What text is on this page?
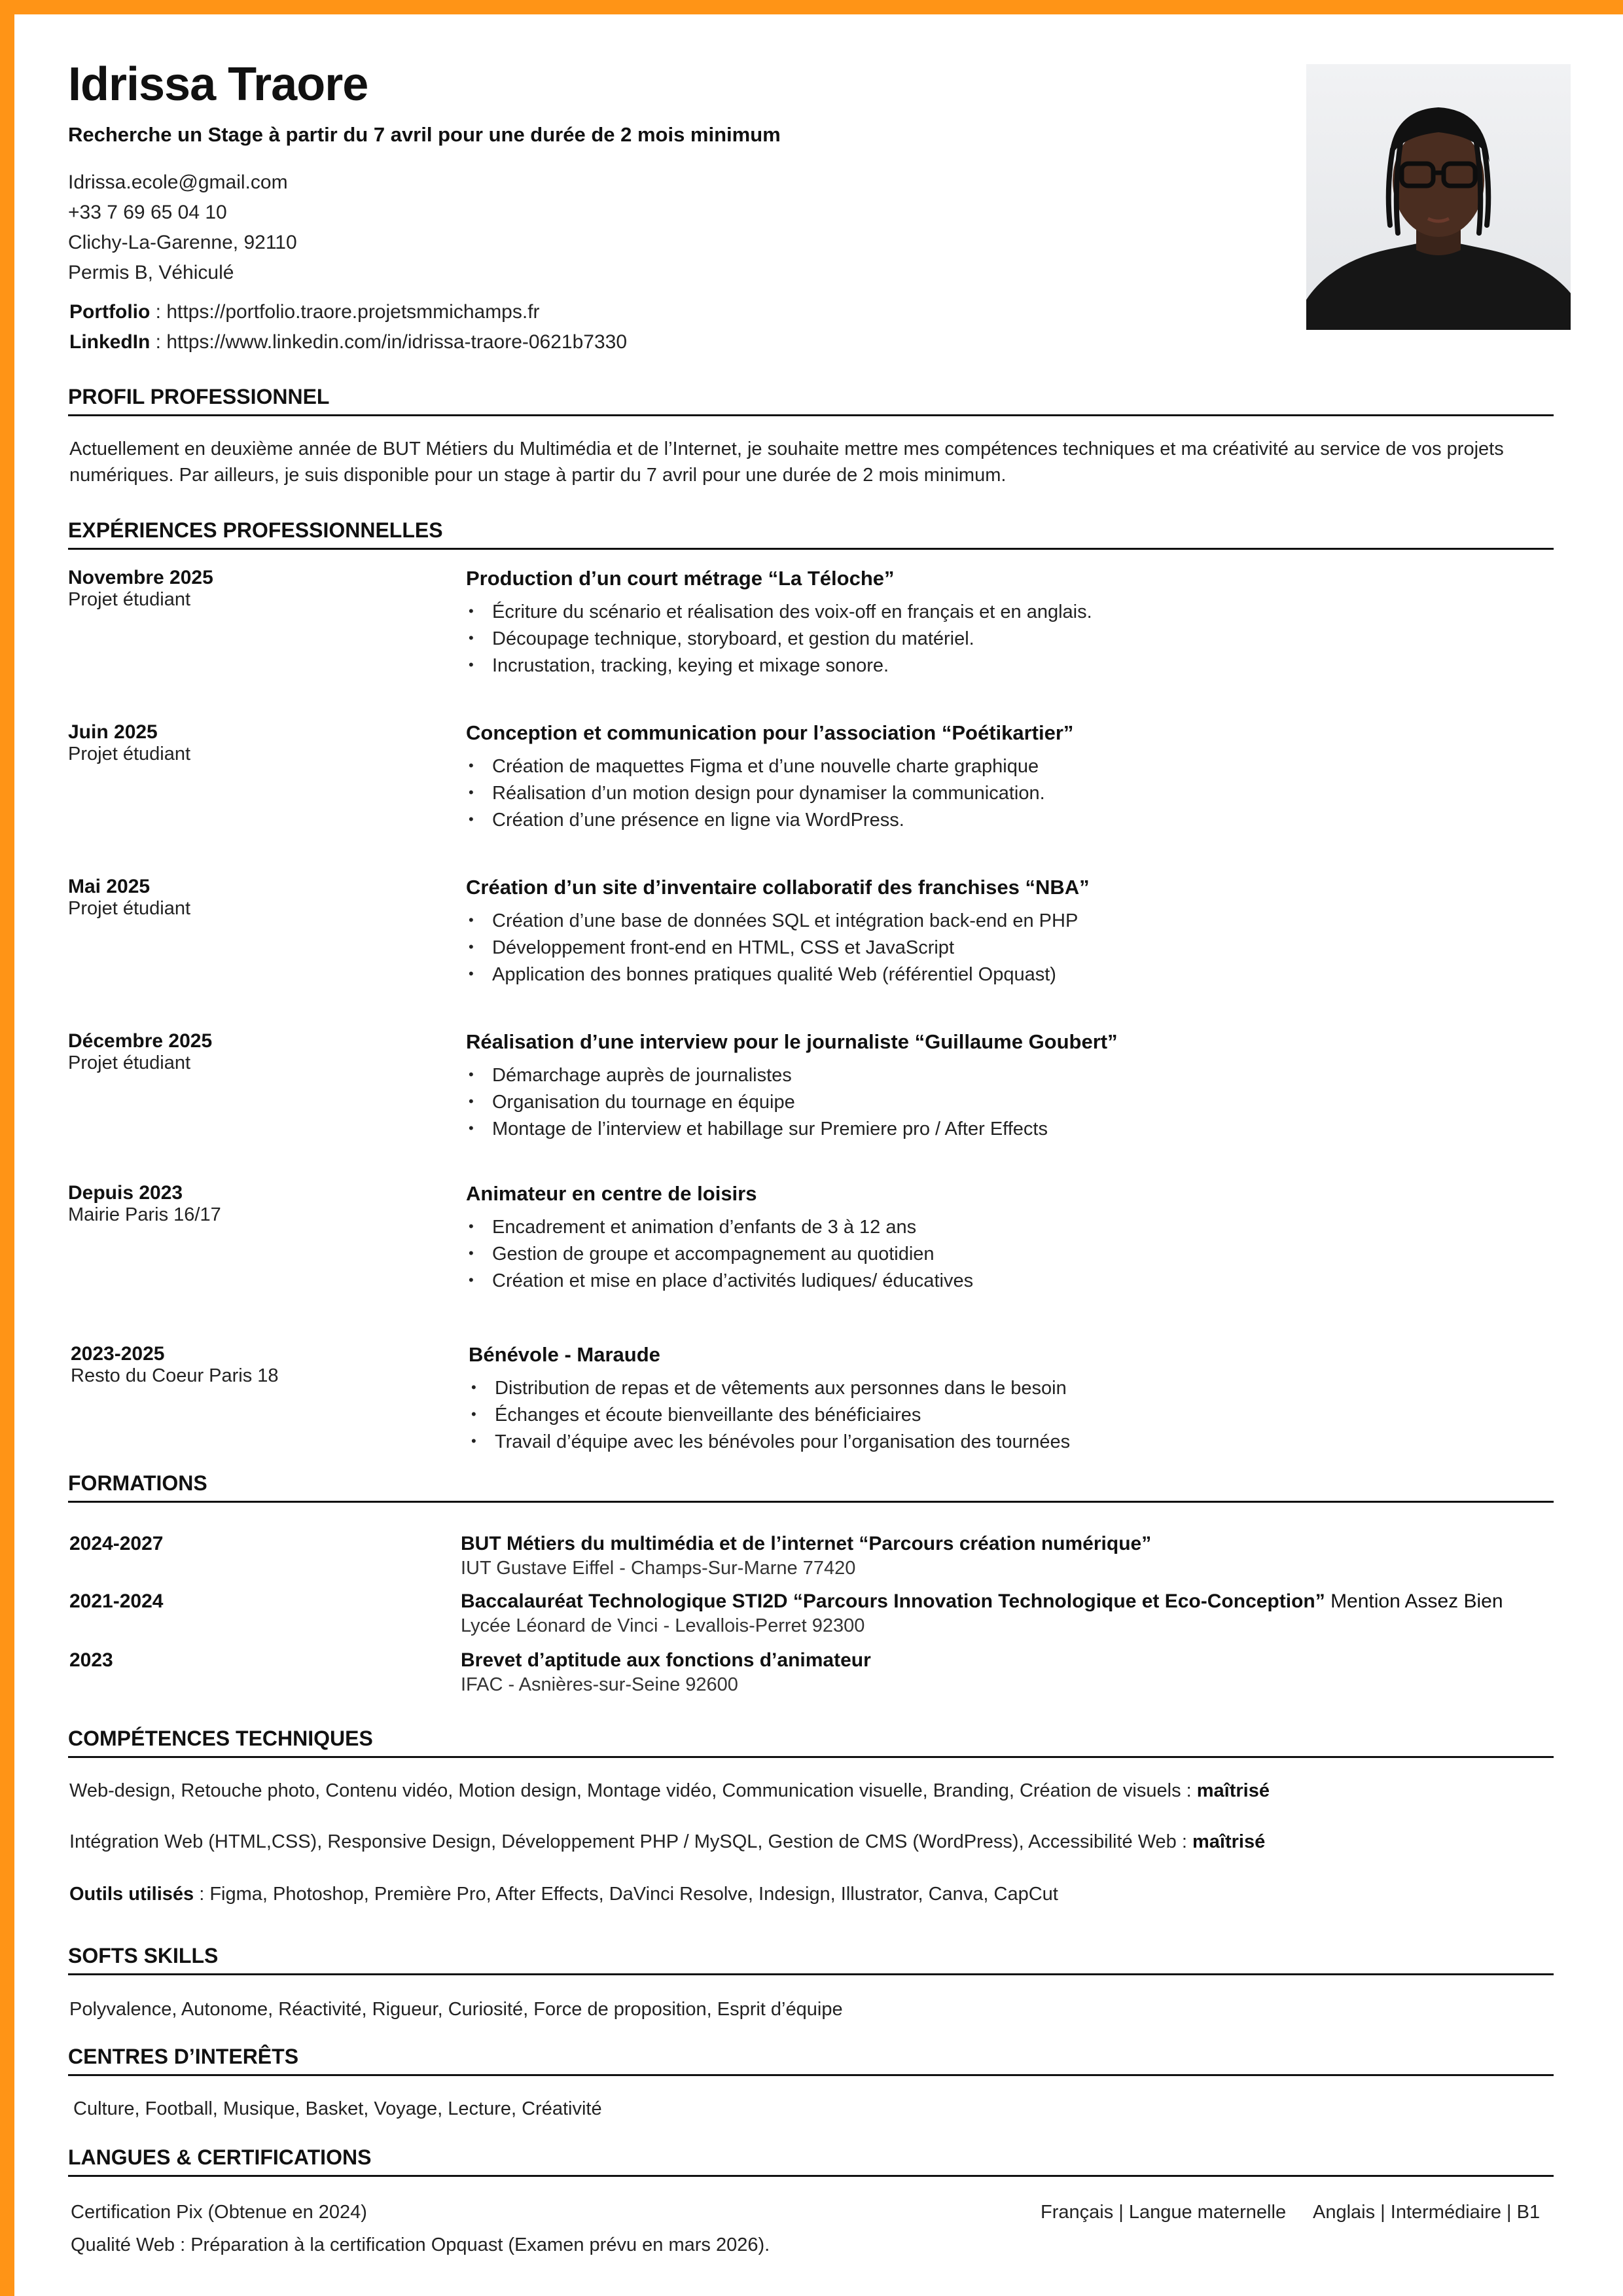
Idrissa Traore
Recherche un Stage à partir du 7 avril pour une durée de 2 mois minimum
Idrissa.ecole@gmail.com
+33 7 69 65 04 10
Clichy-La-Garenne, 92110
Permis B, Véhiculé
Portfolio : https://portfolio.traore.projetsmmichamps.fr
LinkedIn : https://www.linkedin.com/in/idrissa-traore-0621b7330
PROFIL PROFESSIONNEL
Actuellement en deuxième année de BUT Métiers du Multimédia et de l’Internet, je souhaite mettre mes compétences techniques et ma créativité au service de vos projets numériques. Par ailleurs, je suis disponible pour un stage à partir du 7 avril pour une durée de 2 mois minimum.
EXPÉRIENCES PROFESSIONNELLES
Novembre 2025
Projet étudiant
Production d’un court métrage “La Téloche”
• Écriture du scénario et réalisation des voix-off en français et en anglais.
• Découpage technique, storyboard, et gestion du matériel.
• Incrustation, tracking, keying et mixage sonore.
Juin 2025
Projet étudiant
Conception et communication pour l’association “Poétikartier”
• Création de maquettes Figma et d’une nouvelle charte graphique
• Réalisation d’un motion design pour dynamiser la communication.
• Création d’une présence en ligne via WordPress.
Mai 2025
Projet étudiant
Création d’un site d’inventaire collaboratif des franchises “NBA”
• Création d’une base de données SQL et intégration back-end en PHP
• Développement front-end en HTML, CSS et JavaScript
• Application des bonnes pratiques qualité Web (référentiel Opquast)
Décembre 2025
Projet étudiant
Réalisation d’une interview pour le journaliste “Guillaume Goubert”
• Démarchage auprès de journalistes
• Organisation du tournage en équipe
• Montage de l’interview et habillage sur Premiere pro / After Effects
Depuis 2023
Mairie Paris 16/17
Animateur en centre de loisirs
• Encadrement et animation d’enfants de 3 à 12 ans
• Gestion de groupe et accompagnement au quotidien
• Création et mise en place d’activités ludiques/ éducatives
2023-2025
Resto du Coeur Paris 18
Bénévole - Maraude
• Distribution de repas et de vêtements aux personnes dans le besoin
• Échanges et écoute bienveillante des bénéficiaires
• Travail d’équipe avec les bénévoles pour l’organisation des tournées
FORMATIONS
2024-2027	BUT Métiers du multimédia et de l’internet “Parcours création numérique”
IUT Gustave Eiffel - Champs-Sur-Marne 77420
2021-2024	Baccalauréat Technologique STI2D “Parcours Innovation Technologique et Eco-Conception” Mention Assez Bien
Lycée Léonard de Vinci - Levallois-Perret 92300
2023	Brevet d’aptitude aux fonctions d’animateur
IFAC - Asnières-sur-Seine 92600
COMPÉTENCES TECHNIQUES
Web-design, Retouche photo, Contenu vidéo, Motion design, Montage vidéo, Communication visuelle, Branding, Création de visuels : maîtrisé
Intégration Web (HTML,CSS), Responsive Design, Développement PHP / MySQL, Gestion de CMS (WordPress), Accessibilité Web : maîtrisé
Outils utilisés : Figma, Photoshop, Première Pro, After Effects, DaVinci Resolve, Indesign, Illustrator, Canva, CapCut
SOFTS SKILLS
Polyvalence, Autonome, Réactivité, Rigueur, Curiosité, Force de proposition, Esprit d’équipe
CENTRES D’INTERÊTS
Culture, Football, Musique, Basket, Voyage, Lecture, Créativité
LANGUES & CERTIFICATIONS
Certification Pix (Obtenue en 2024)
Qualité Web : Préparation à la certification Opquast (Examen prévu en mars 2026).
Français | Langue maternelle Anglais | Intermédiaire | B1
